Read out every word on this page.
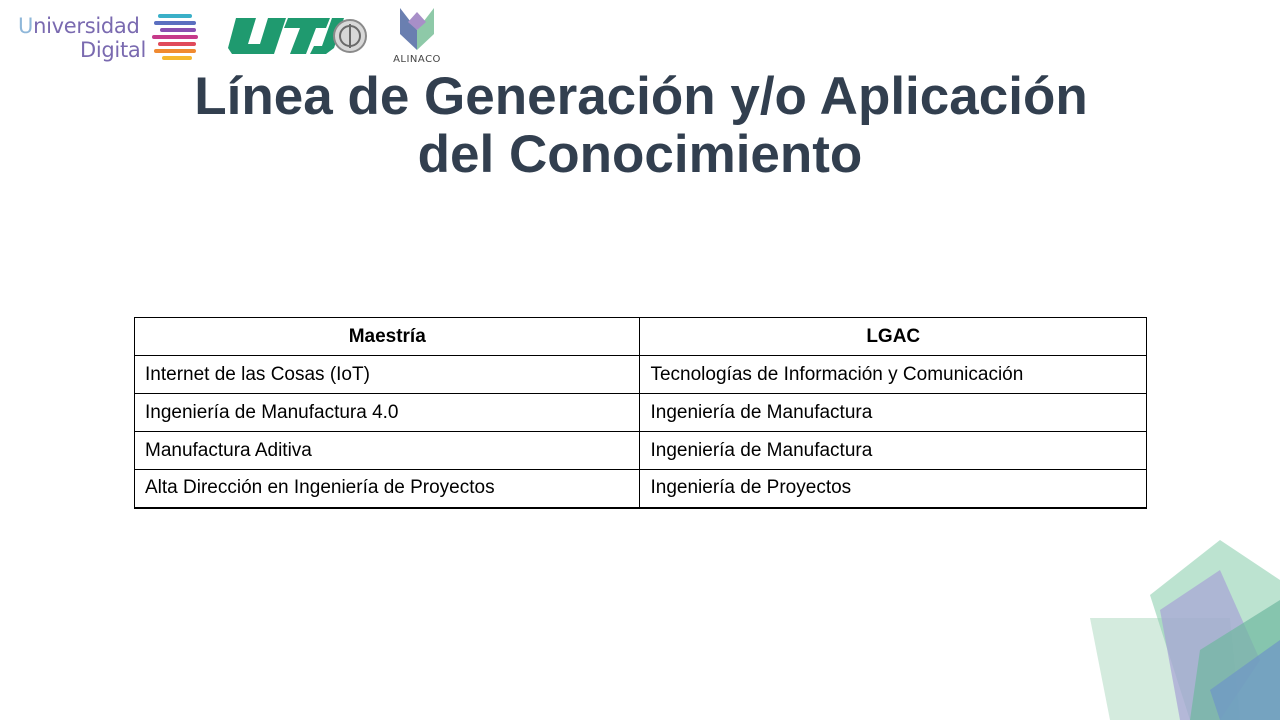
Universidad
Digital	ALINACO
Línea de Generación y/o Aplicación
del Conocimiento
Maestría	LGAC
Internet de las Cosas (IoT)	Tecnologías de Información y Comunicación
Ingeniería de Manufactura 4.0	Ingeniería de Manufactura
Manufactura Aditiva	Ingeniería de Manufactura
Alta Dirección en Ingeniería de Proyectos	Ingeniería de Proyectos
